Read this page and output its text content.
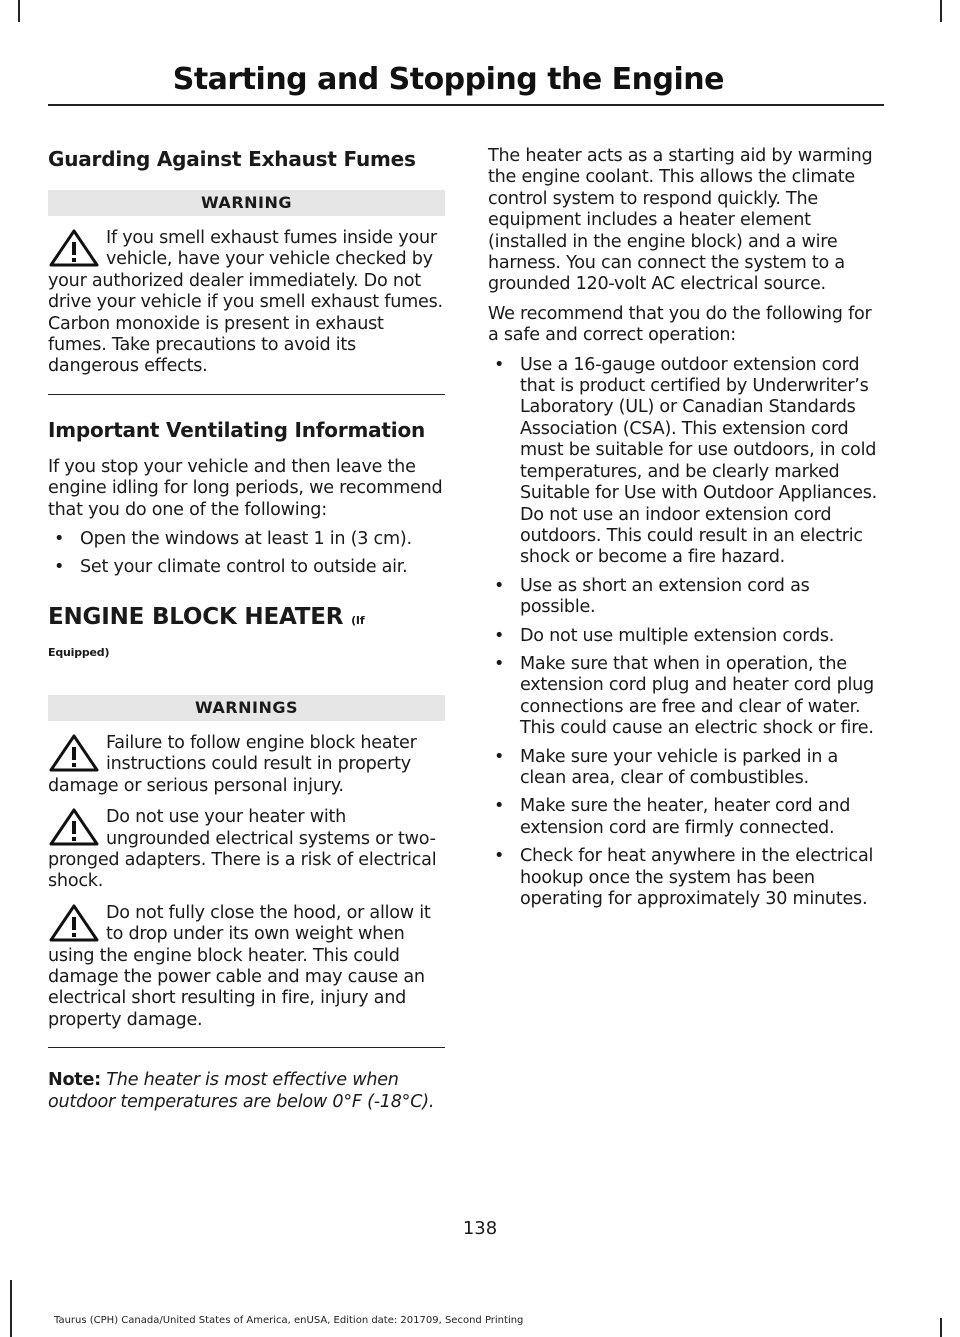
Starting and Stopping the Engine
Guarding Against Exhaust Fumes
WARNING

If you smell exhaust fumes inside your vehicle, have your vehicle checked by your authorized dealer immediately. Do not drive your vehicle if you smell exhaust fumes. Carbon monoxide is present in exhaust fumes. Take precautions to avoid its dangerous effects.

Important Ventilating Information

If you stop your vehicle and then leave the engine idling for long periods, we recommend that you do one of the following:

• Open the windows at least 1 in (3 cm).
• Set your climate control to outside air.
ENGINE BLOCK HEATER (If
Equipped)
WARNINGS

Failure to follow engine block heater instructions could result in property damage or serious personal injury.

Do not use your heater with ungrounded electrical systems or two-pronged adapters. There is a risk of electrical shock.

Do not fully close the hood, or allow it to drop under its own weight when using the engine block heater. This could damage the power cable and may cause an electrical short resulting in fire, injury and property damage.

Note: The heater is most effective when outdoor temperatures are below 0°F (-18°C).

The heater acts as a starting aid by warming the engine coolant. This allows the climate control system to respond quickly. The equipment includes a heater element (installed in the engine block) and a wire harness. You can connect the system to a grounded 120-volt AC electrical source.

We recommend that you do the following for a safe and correct operation:

• Use a 16-gauge outdoor extension cord that is product certified by Underwriter’s Laboratory (UL) or Canadian Standards Association (CSA). This extension cord must be suitable for use outdoors, in cold temperatures, and be clearly marked Suitable for Use with Outdoor Appliances. Do not use an indoor extension cord outdoors. This could result in an electric shock or become a fire hazard.
• Use as short an extension cord as possible.
• Do not use multiple extension cords.
• Make sure that when in operation, the extension cord plug and heater cord plug connections are free and clear of water. This could cause an electric shock or fire.
• Make sure your vehicle is parked in a clean area, clear of combustibles.
• Make sure the heater, heater cord and extension cord are firmly connected.
• Check for heat anywhere in the electrical hookup once the system has been operating for approximately 30 minutes.
138
Taurus (CPH) Canada/United States of America, enUSA, Edition date: 201709, Second Printing
